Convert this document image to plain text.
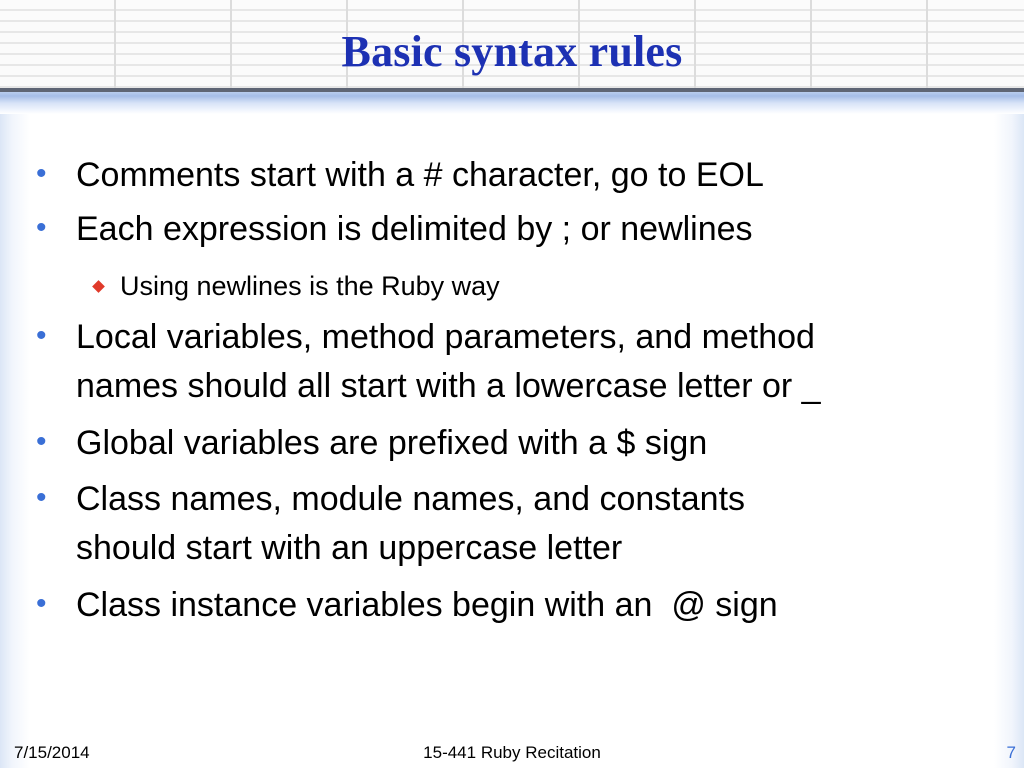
Basic syntax rules
• Comments start with a # character, go to EOL
• Each expression is delimited by ; or newlines
Using newlines is the Ruby way
• Local variables, method parameters, and method
names should all start with a lowercase letter or _
• Global variables are prefixed with a $ sign
• Class names, module names, and constants
should start with an uppercase letter
• Class instance variables begin with an  @ sign
7/15/2014	15-441 Ruby Recitation	7
